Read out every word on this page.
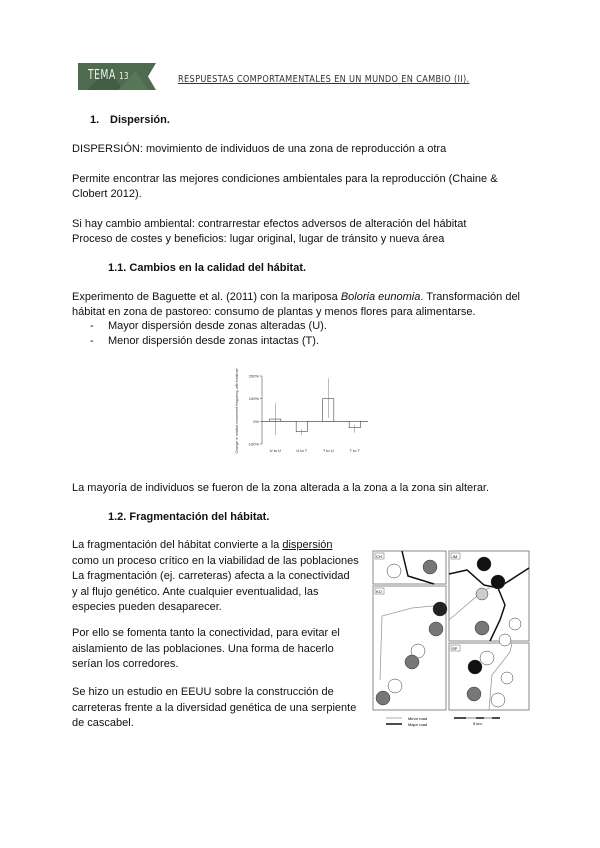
TEMA 13	RESPUESTAS COMPORTAMENTALES EN UN MUNDO EN CAMBIO (II).
1. Dispersión.
DISPERSIÓN: movimiento de individuos de una zona de reproducción a otra
Permite encontrar las mejores condiciones ambientales para la reproducción (Chaine &
Clobert 2012).
Si hay cambio ambiental: contrarrestar efectos adversos de alteración del hábitat
Proceso de costes y beneficios: lugar original, lugar de tránsito y nueva área
1.1. Cambios en la calidad del hábitat.
Experimento de Baguette et al. (2011) con la mariposa Boloria eunomia. Transformación del
hábitat en zona de pastoreo: consumo de plantas y menos flores para alimentarse.
- Mayor dispersión desde zonas alteradas (U).
- Menor dispersión desde zonas intactas (T).
-100%
0%
100%
200%
Change in relative movement frequency with treatment	U to U	U to T	T to U	T to T
La mayoría de individuos se fueron de la zona alterada a la zona a la zona sin alterar.
1.2. Fragmentación del hábitat.
La fragmentación del hábitat convierte a la dispersión
como un proceso crítico en la viabilidad de las poblaciones
La fragmentación (ej. carreteras) afecta a la conectividad
y al flujo genético. Ante cualquier eventualidad, las
especies pueden desaparecer.
Por ello se fomenta tanto la conectividad, para evitar el
aislamiento de las poblaciones. Una forma de hacerlo
serían los corredores.
Se hizo un estudio en EEUU sobre la construcción de
carreteras frente a la diversidad genética de una serpiente
de cascabel.
CH
KO
JM
SP
Minor road
Major road	5 km
